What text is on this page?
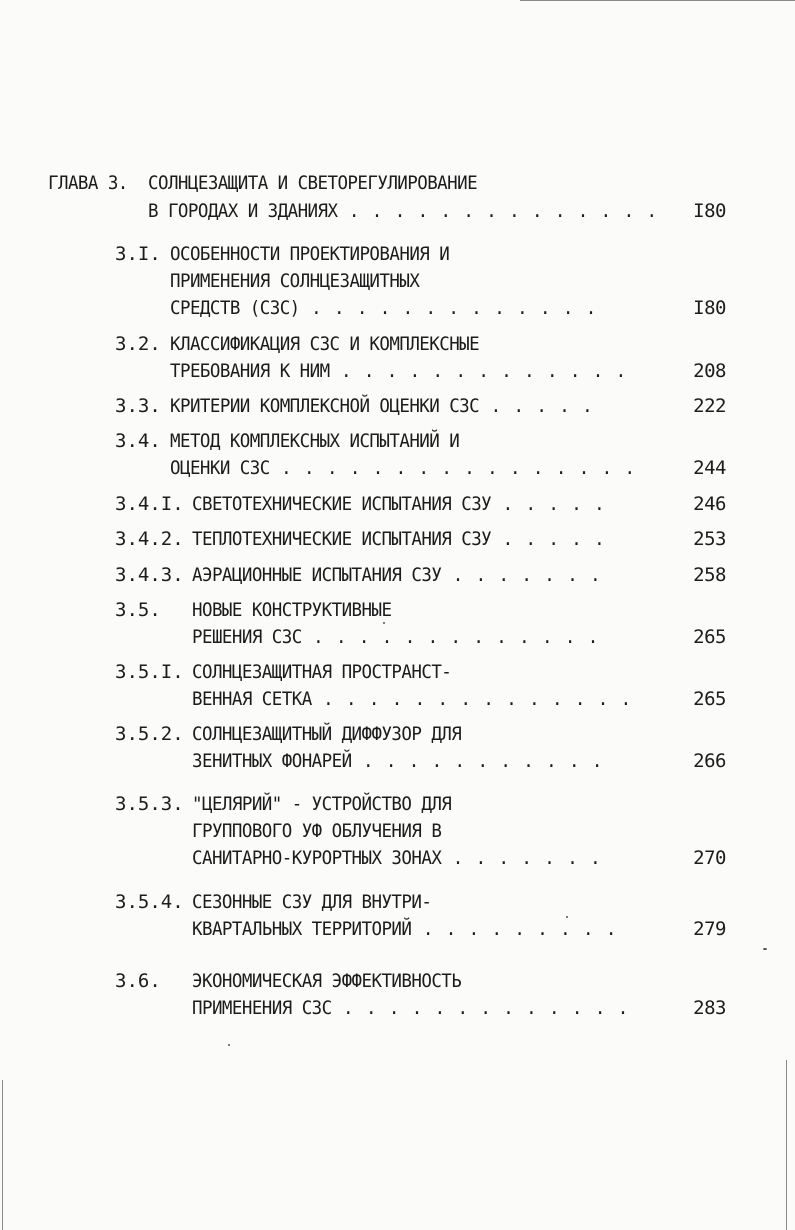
ГЛАВА 3. СОЛНЦЕЗАЩИТА И СВЕТОРЕГУЛИРОВАНИЕ
В ГОРОДАХ И ЗДАНИЯХ . . . . . . . . . . . . . .	I80
3.I. ОСОБЕННОСТИ ПРОЕКТИРОВАНИЯ И
ПРИМЕНЕНИЯ СОЛНЦЕЗАЩИТНЫХ
СРЕДСТВ (СЗС) . . . . . . . . . . . . .	I80
3.2. КЛАССИФИКАЦИЯ СЗС И КОМПЛЕКСНЫЕ
ТРЕБОВАНИЯ К НИМ . . . . . . . . . . . . .	208
3.3. КРИТЕРИИ КОМПЛЕКСНОЙ ОЦЕНКИ СЗС . . . . .	222
3.4. МЕТОД КОМПЛЕКСНЫХ ИСПЫТАНИЙ И
ОЦЕНКИ СЗС . . . . . . . . . . . . . . . .	244
3.4.I. СВЕТОТЕХНИЧЕСКИЕ ИСПЫТАНИЯ СЗУ . . . . .	246
3.4.2. ТЕПЛОТЕХНИЧЕСКИЕ ИСПЫТАНИЯ СЗУ . . . . .	253
3.4.3. АЭРАЦИОННЫЕ ИСПЫТАНИЯ СЗУ . . . . . . .	258
3.5. НОВЫЕ КОНСТРУКТИВНЫЕ
РЕШЕНИЯ СЗС . . . . . . . . . . . . .	265
3.5.I. СОЛНЦЕЗАЩИТНАЯ ПРОСТРАНСТ-
ВЕННАЯ СЕТКА . . . . . . . . . . . . . .	265
3.5.2. СОЛНЦЕЗАЩИТНЫЙ ДИФФУЗОР ДЛЯ
ЗЕНИТНЫХ ФОНАРЕЙ . . . . . . . . . . .	266
3.5.3. "ЦЕЛЯРИЙ" - УСТРОЙСТВО ДЛЯ
ГРУППОВОГО УФ ОБЛУЧЕНИЯ В
САНИТАРНО-КУРОРТНЫХ ЗОНАХ . . . . . . .	270
3.5.4. СЕЗОННЫЕ СЗУ ДЛЯ ВНУТРИ-
КВАРТАЛЬНЫХ ТЕРРИТОРИЙ . . . . . . . . .	279
3.6. ЭКОНОМИЧЕСКАЯ ЭФФЕКТИВНОСТЬ
ПРИМЕНЕНИЯ СЗС . . . . . . . . . . . . .	283
